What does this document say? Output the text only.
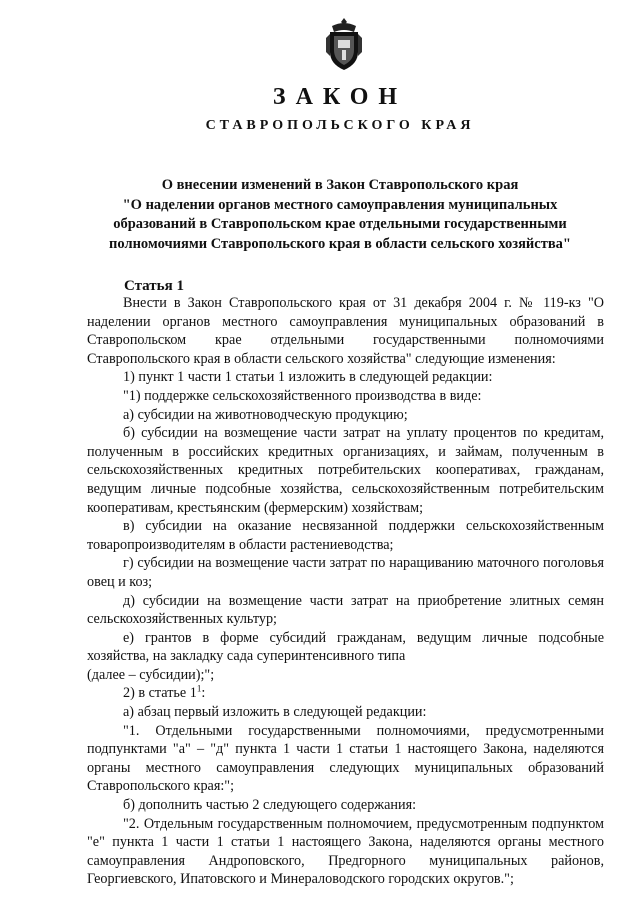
ЗАКОН
СТАВРОПОЛЬСКОГО КРАЯ
О внесении изменений в Закон Ставропольского края
"О наделении органов местного самоуправления муниципальных
образований в Ставропольском крае отдельными государственными
полномочиями Ставропольского края в области сельского хозяйства"
Статья 1

Внести в Закон Ставропольского края от 31 декабря 2004 г. № 119-кз "О наделении органов местного самоуправления муниципальных образований в Ставропольском крае отдельными государственными полномочиями Ставропольского края в области сельского хозяйства" следующие изменения:

1) пункт 1 части 1 статьи 1 изложить в следующей редакции:

"1) поддержке сельскохозяйственного производства в виде:

а) субсидии на животноводческую продукцию;

б) субсидии на возмещение части затрат на уплату процентов по кредитам, полученным в российских кредитных организациях, и займам, полученным в сельскохозяйственных кредитных потребительских кооперативах, гражданам, ведущим личные подсобные хозяйства, сельскохозяйственным потребительским кооперативам, крестьянским (фермерским) хозяйствам;

в) субсидии на оказание несвязанной поддержки сельскохозяйственным товаропроизводителям в области растениеводства;

г) субсидии на возмещение части затрат по наращиванию маточного поголовья овец и коз;

д) субсидии на возмещение части затрат на приобретение элитных семян сельскохозяйственных культур;

е) грантов в форме субсидий гражданам, ведущим личные подсобные хозяйства, на закладку сада суперинтенсивного типа

(далее – субсидии);";

2) в статье $1^1$:

а) абзац первый изложить в следующей редакции:

"1. Отдельными государственными полномочиями, предусмотренными подпунктами "а" – "д" пункта 1 части 1 статьи 1 настоящего Закона, наделяются органы местного самоуправления следующих муниципальных образований Ставропольского края:";

б) дополнить частью 2 следующего содержания:

"2. Отдельным государственным полномочием, предусмотренным подпунктом "е" пункта 1 части 1 статьи 1 настоящего Закона, наделяются органы местного самоуправления Андроповского, Предгорного муниципальных районов, Георгиевского, Ипатовского и Минераловодского городских округов.";
